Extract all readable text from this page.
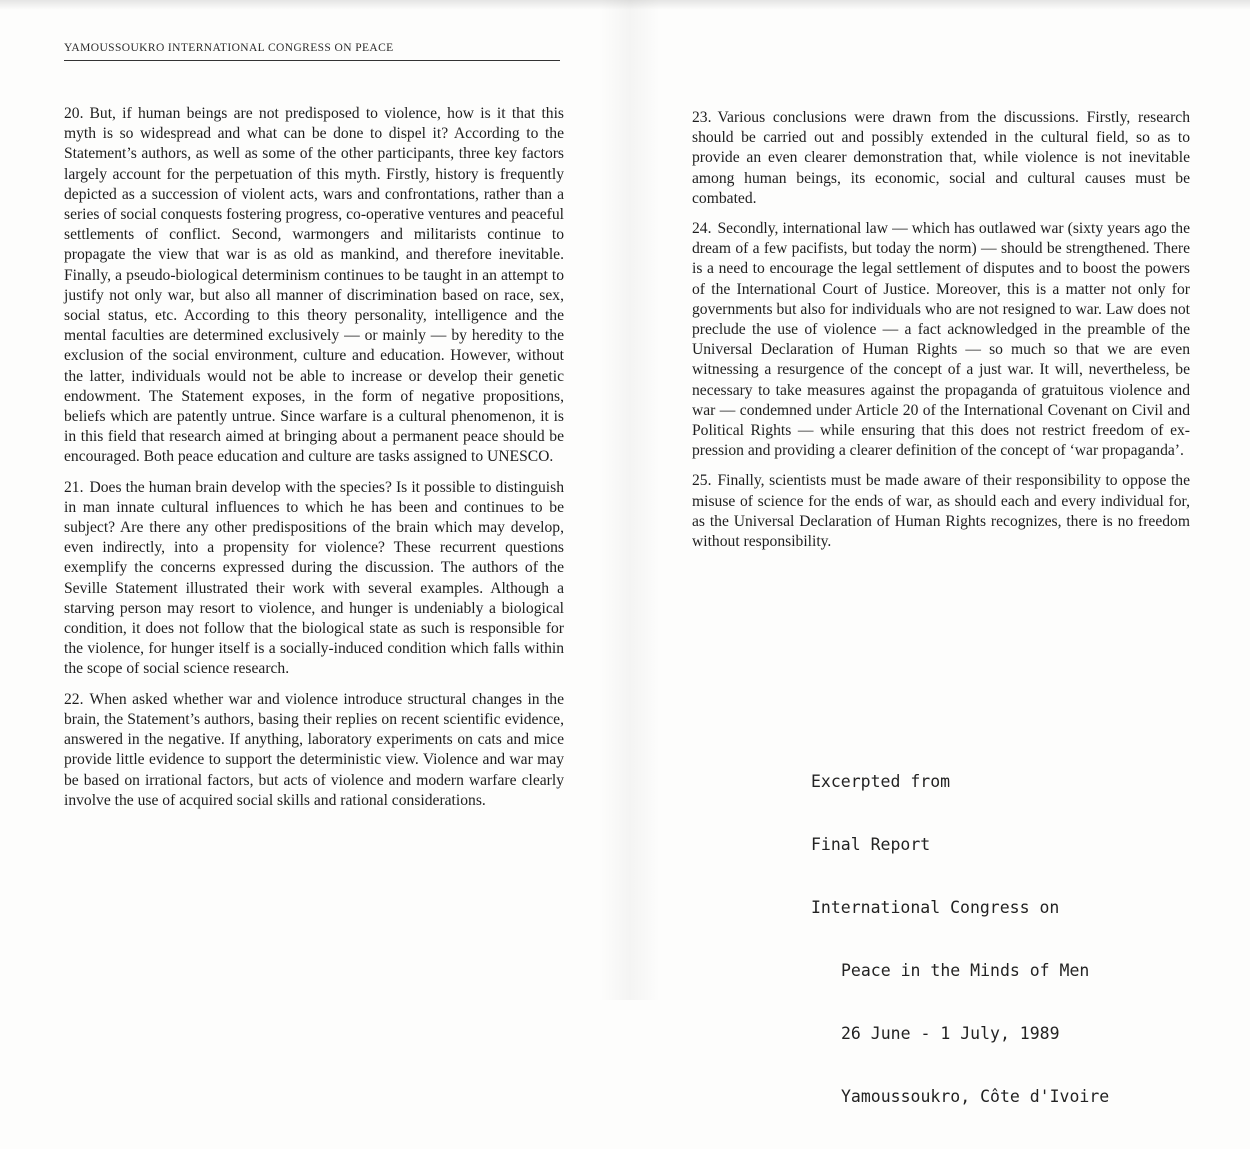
YAMOUSSOUKRO INTERNATIONAL CONGRESS ON PEACE

20. But, if human beings are not predisposed to violence, how is it that this myth is so widespread and what can be done to dispel it? According to the Statement’s authors, as well as some of the other participants, three key factors largely account for the perpetuation of this myth. Firstly, history is frequently depicted as a succession of violent acts, wars and confrontations, rather than a series of social conquests fostering progress, co-operative ventures and peaceful settlements of conflict. Second, warmongers and militarists continue to propagate the view that war is as old as mankind, and therefore inevitable. Finally, a pseudo-biological determinism continues to be taught in an attempt to justify not only war, but also all manner of discrimination based on race, sex, social status, etc. According to this theory personality, intelligence and the mental faculties are determined exclusively — or mainly — by heredity to the exclusion of the social environment, culture and education. However, without the latter, individuals would not be able to increase or develop their genetic endowment. The Statement exposes, in the form of negative propositions, beliefs which are patently untrue. Since warfare is a cultural phenomenon, it is in this field that research aimed at bringing about a permanent peace should be encouraged. Both peace education and culture are tasks assigned to UNESCO.

21. Does the human brain develop with the species? Is it possible to distinguish in man innate cultural influences to which he has been and continues to be subject? Are there any other predispositions of the brain which may develop, even indirectly, into a propensity for violence? These recurrent questions exemplify the concerns expressed during the discussion. The authors of the Seville Statement illustrated their work with several examples. Although a starving person may resort to violence, and hunger is undeniably a biological condition, it does not follow that the biological state as such is responsible for the violence, for hunger itself is a socially-induced condition which falls within the scope of social science research.

22. When asked whether war and violence introduce structural changes in the brain, the Statement’s authors, basing their replies on recent scientific evidence, answered in the negative. If anything, laboratory experiments on cats and mice provide little evidence to support the deterministic view. Violence and war may be based on irrational factors, but acts of violence and modern warfare clearly involve the use of acquired social skills and rational considerations.

23. Various conclusions were drawn from the discussions. Firstly, research should be carried out and possibly extended in the cultural field, so as to provide an even clearer demonstration that, while violence is not inevitable among human beings, its economic, social and cultural causes must be combated.

24. Secondly, international law — which has outlawed war (sixty years ago the dream of a few pacifists, but today the norm) — should be strengthened. There is a need to encourage the legal settlement of disputes and to boost the powers of the International Court of Justice. Moreover, this is a matter not only for governments but also for individuals who are not resigned to war. Law does not preclude the use of violence — a fact acknowledged in the preamble of the Universal Declaration of Human Rights — so much so that we are even witnessing a resurgence of the concept of a just war. It will, nevertheless, be necessary to take measures against the propaganda of gratuitous violence and war — condemned under Article 20 of the International Covenant on Civil and Political Rights — while ensuring that this does not restrict freedom of expression and providing a clearer definition of the concept of ‘war propaganda’.

25. Finally, scientists must be made aware of their responsibility to oppose the misuse of science for the ends of war, as should each and every individual for, as the Universal Declaration of Human Rights recognizes, there is no freedom without responsibility.

Excerpted from

Final Report

International Congress on

Peace in the Minds of Men

26 June - 1 July, 1989

Yamoussoukro, Côte d'Ivoire
